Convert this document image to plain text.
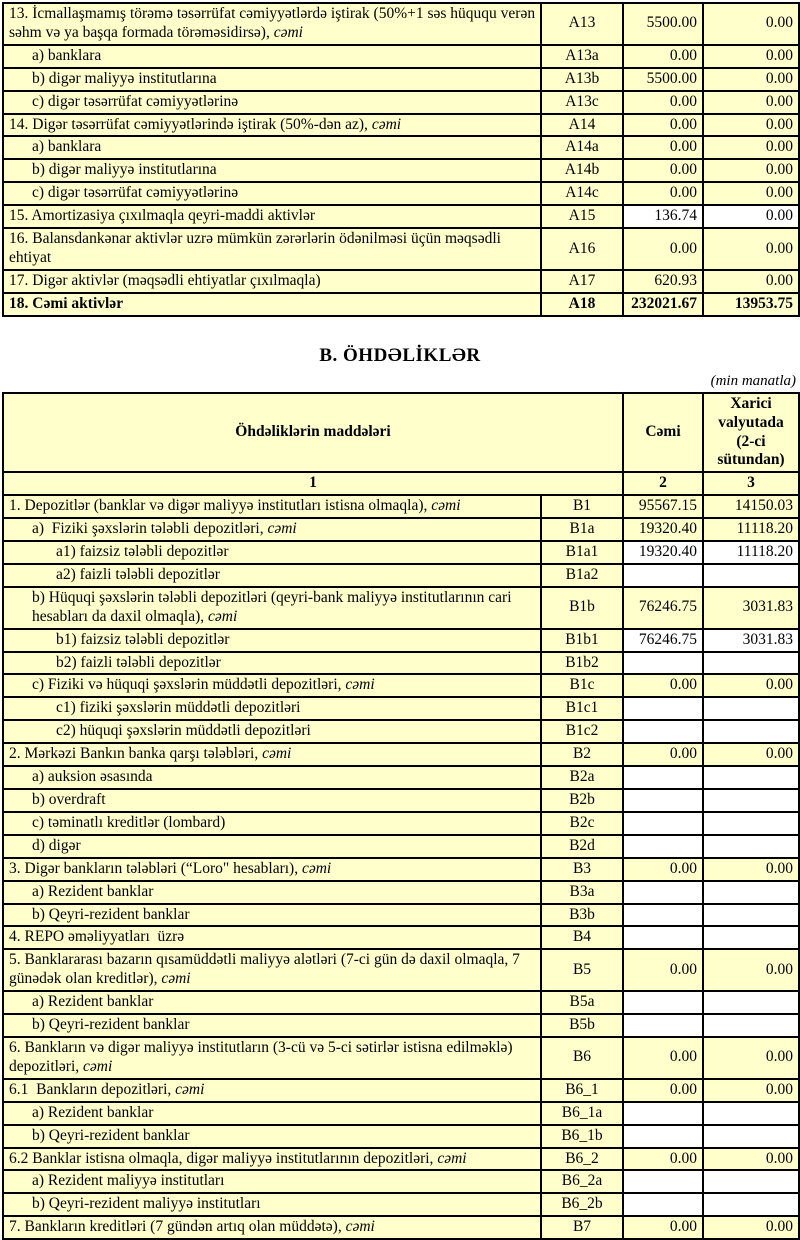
13. İcmallaşmamış törəmə təsərrüfat cəmiyyətlərdə iştirak (50%+1 səs hüququ verən səhm və ya başqa formada törəməsidirsə), cəmi	A13	5500.00	0.00
a) banklara	A13a	0.00	0.00
b) digər maliyyə institutlarına	A13b	5500.00	0.00
c) digər təsərrüfat cəmiyyətlərinə	A13c	0.00	0.00
14. Digər təsərrüfat cəmiyyətlərində iştirak (50%-dən az), cəmi	A14	0.00	0.00
a) banklara	A14a	0.00	0.00
b) digər maliyyə institutlarına	A14b	0.00	0.00
c) digər təsərrüfat cəmiyyətlərinə	A14c	0.00	0.00
15. Amortizasiya çıxılmaqla qeyri-maddi aktivlər	A15	136.74	0.00
16. Balansdankənar aktivlər uzrə mümkün zərərlərin ödənilməsi üçün məqsədli ehtiyat	A16	0.00	0.00
17. Digər aktivlər (məqsədli ehtiyatlar çıxılmaqla)	A17	620.93	0.00
18. Cəmi aktivlər	A18	232021.67	13953.75
B. ÖHDƏLİKLƏR
(min manatla)
Öhdəliklərin maddələri		Cəmi	Xarici valyutada (2-ci sütundan)
1		2	3
1. Depozitlər (banklar və digər maliyyə institutları istisna olmaqla), cəmi	B1	95567.15	14150.03
a)  Fiziki şəxslərin tələbli depozitləri, cəmi	B1a	19320.40	11118.20
a1) faizsiz tələbli depozitlər	B1a1	19320.40	11118.20
a2) faizli tələbli depozitlər	B1a2		
b) Hüquqi şəxslərin tələbli depozitləri (qeyri-bank maliyyə institutlarının cari hesabları da daxil olmaqla), cəmi	B1b	76246.75	3031.83
b1) faizsiz tələbli depozitlər	B1b1	76246.75	3031.83
b2) faizli tələbli depozitlər	B1b2		
c) Fiziki və hüquqi şəxslərin müddətli depozitləri, cəmi	B1c	0.00	0.00
c1) fiziki şəxslərin müddətli depozitləri	B1c1		
c2) hüquqi şəxslərin müddətli depozitləri	B1c2		
2. Mərkəzi Bankın banka qarşı tələbləri, cəmi	B2	0.00	0.00
a) auksion əsasında	B2a		
b) overdraft	B2b		
c) təminatlı kreditlər (lombard)	B2c		
d) digər	B2d		
3. Digər bankların tələbləri (“Loro" hesabları), cəmi	B3	0.00	0.00
a) Rezident banklar	B3a		
b) Qeyri-rezident banklar	B3b		
4. REPO əməliyyatları  üzrə	B4		
5. Banklararası bazarın qısamüddətli maliyyə alətləri (7-ci gün də daxil olmaqla, 7 günədək olan kreditlər), cəmi	B5	0.00	0.00
a) Rezident banklar	B5a		
b) Qeyri-rezident banklar	B5b		
6. Bankların və digər maliyyə institutların (3-cü və 5-ci sətirlər istisna edilməklə) depozitləri, cəmi	B6	0.00	0.00
6.1  Bankların depozitləri, cəmi	B6_1	0.00	0.00
a) Rezident banklar	B6_1a		
b) Qeyri-rezident banklar	B6_1b		
6.2 Banklar istisna olmaqla, digər maliyyə institutlarının depozitləri, cəmi	B6_2	0.00	0.00
a) Rezident maliyyə institutları	B6_2a		
b) Qeyri-rezident maliyyə institutları	B6_2b		
7. Bankların kreditləri (7 gündən artıq olan müddətə), cəmi	B7	0.00	0.00
